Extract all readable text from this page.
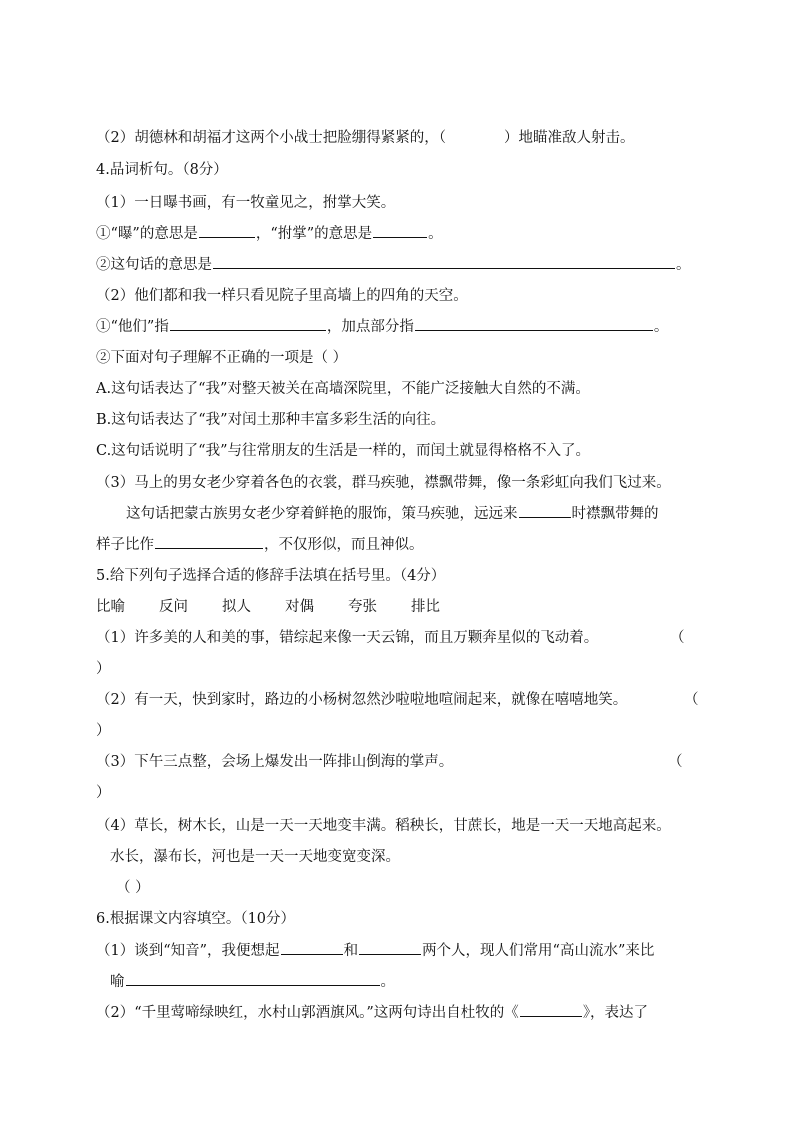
（2）胡德林和胡福才这两个小战士把脸绷得紧紧的，（	）地瞄准敌人射击。
4.品词析句。（8分）
（1）一日曝书画，有一牧童见之，拊掌大笑。
①“曝”的意思是	，“拊掌”的意思是	。
②这句话的意思是	。
（2）他们都和我一样只看见院子里高墙上的四角的天空。
①“他们”指	，加点部分指	。
②下面对句子理解不正确的一项是（ ）
A.这句话表达了“我”对整天被关在高墙深院里，不能广泛接触大自然的不满。
B.这句话表达了“我”对闰土那种丰富多彩生活的向往。
C.这句话说明了“我”与往常朋友的生活是一样的，而闰土就显得格格不入了。
（3）马上的男女老少穿着各色的衣裳，群马疾驰，襟飘带舞，像一条彩虹向我们飞过来。
这句话把蒙古族男女老少穿着鲜艳的服饰，策马疾驰，远远来	时襟飘带舞的
样子比作	，不仅形似，而且神似。
5.给下列句子选择合适的修辞手法填在括号里。（4分）
比喻 反问 拟人 对偶 夸张 排比
（1）许多美的人和美的事，错综起来像一天云锦，而且万颗奔星似的飞动着。	（
）
（2）有一天，快到家时，路边的小杨树忽然沙啦啦地喧闹起来，就像在嘻嘻地笑。	（
）
（3）下午三点整，会场上爆发出一阵排山倒海的掌声。	（
）
（4）草长，树木长，山是一天一天地变丰满。稻秧长，甘蔗长，地是一天一天地高起来。
水长，瀑布长，河也是一天一天地变宽变深。
（ ）
6.根据课文内容填空。（10分）
（1）谈到“知音”，我便想起	和	两个人，现人们常用“高山流水”来比
喻	。
（2）“千里莺啼绿映红，水村山郭酒旗风。”这两句诗出自杜牧的《	》，表达了
